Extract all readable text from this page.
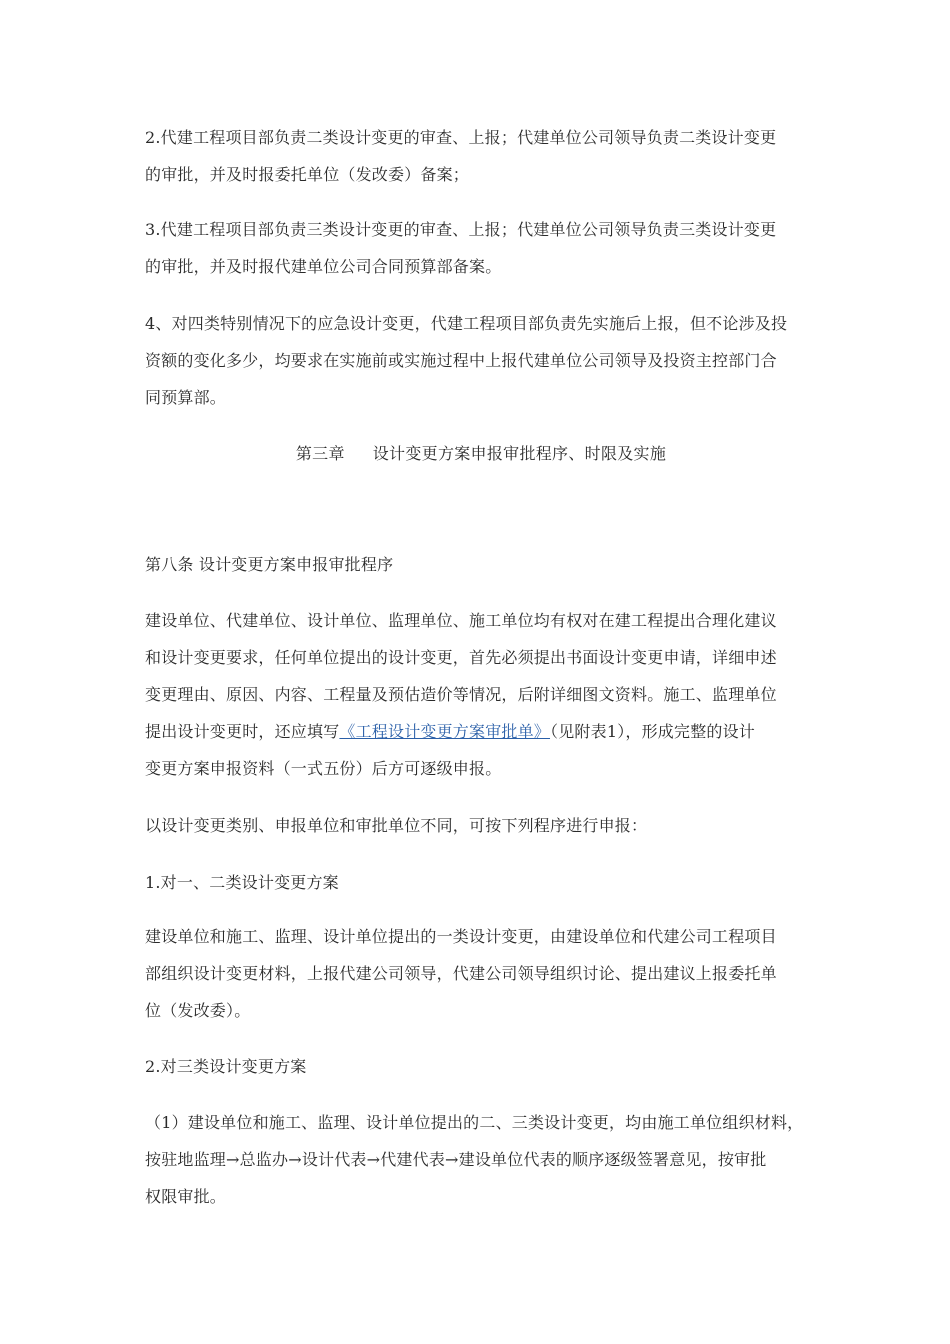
2.代建工程项目部负责二类设计变更的审查、上报；代建单位公司领导负责二类设计变更
的审批，并及时报委托单位（发改委）备案；

3.代建工程项目部负责三类设计变更的审查、上报；代建单位公司领导负责三类设计变更
的审批，并及时报代建单位公司合同预算部备案。

4、对四类特别情况下的应急设计变更，代建工程项目部负责先实施后上报，但不论涉及投
资额的变化多少，均要求在实施前或实施过程中上报代建单位公司领导及投资主控部门合
同预算部。

第三章 设计变更方案申报审批程序、时限及实施

第八条 设计变更方案申报审批程序

建设单位、代建单位、设计单位、监理单位、施工单位均有权对在建工程提出合理化建议
和设计变更要求，任何单位提出的设计变更，首先必须提出书面设计变更申请，详细申述
变更理由、原因、内容、工程量及预估造价等情况，后附详细图文资料。施工、监理单位
提出设计变更时，还应填写《工程设计变更方案审批单》（见附表1），形成完整的设计
变更方案申报资料（一式五份）后方可逐级申报。

以设计变更类别、申报单位和审批单位不同，可按下列程序进行申报：

1.对一、二类设计变更方案

建设单位和施工、监理、设计单位提出的一类设计变更，由建设单位和代建公司工程项目
部组织设计变更材料，上报代建公司领导，代建公司领导组织讨论、提出建议上报委托单
位（发改委）。

2.对三类设计变更方案

（1）建设单位和施工、监理、设计单位提出的二、三类设计变更，均由施工单位组织材料，
按驻地监理→总监办→设计代表→代建代表→建设单位代表的顺序逐级签署意见，按审批
权限审批。
